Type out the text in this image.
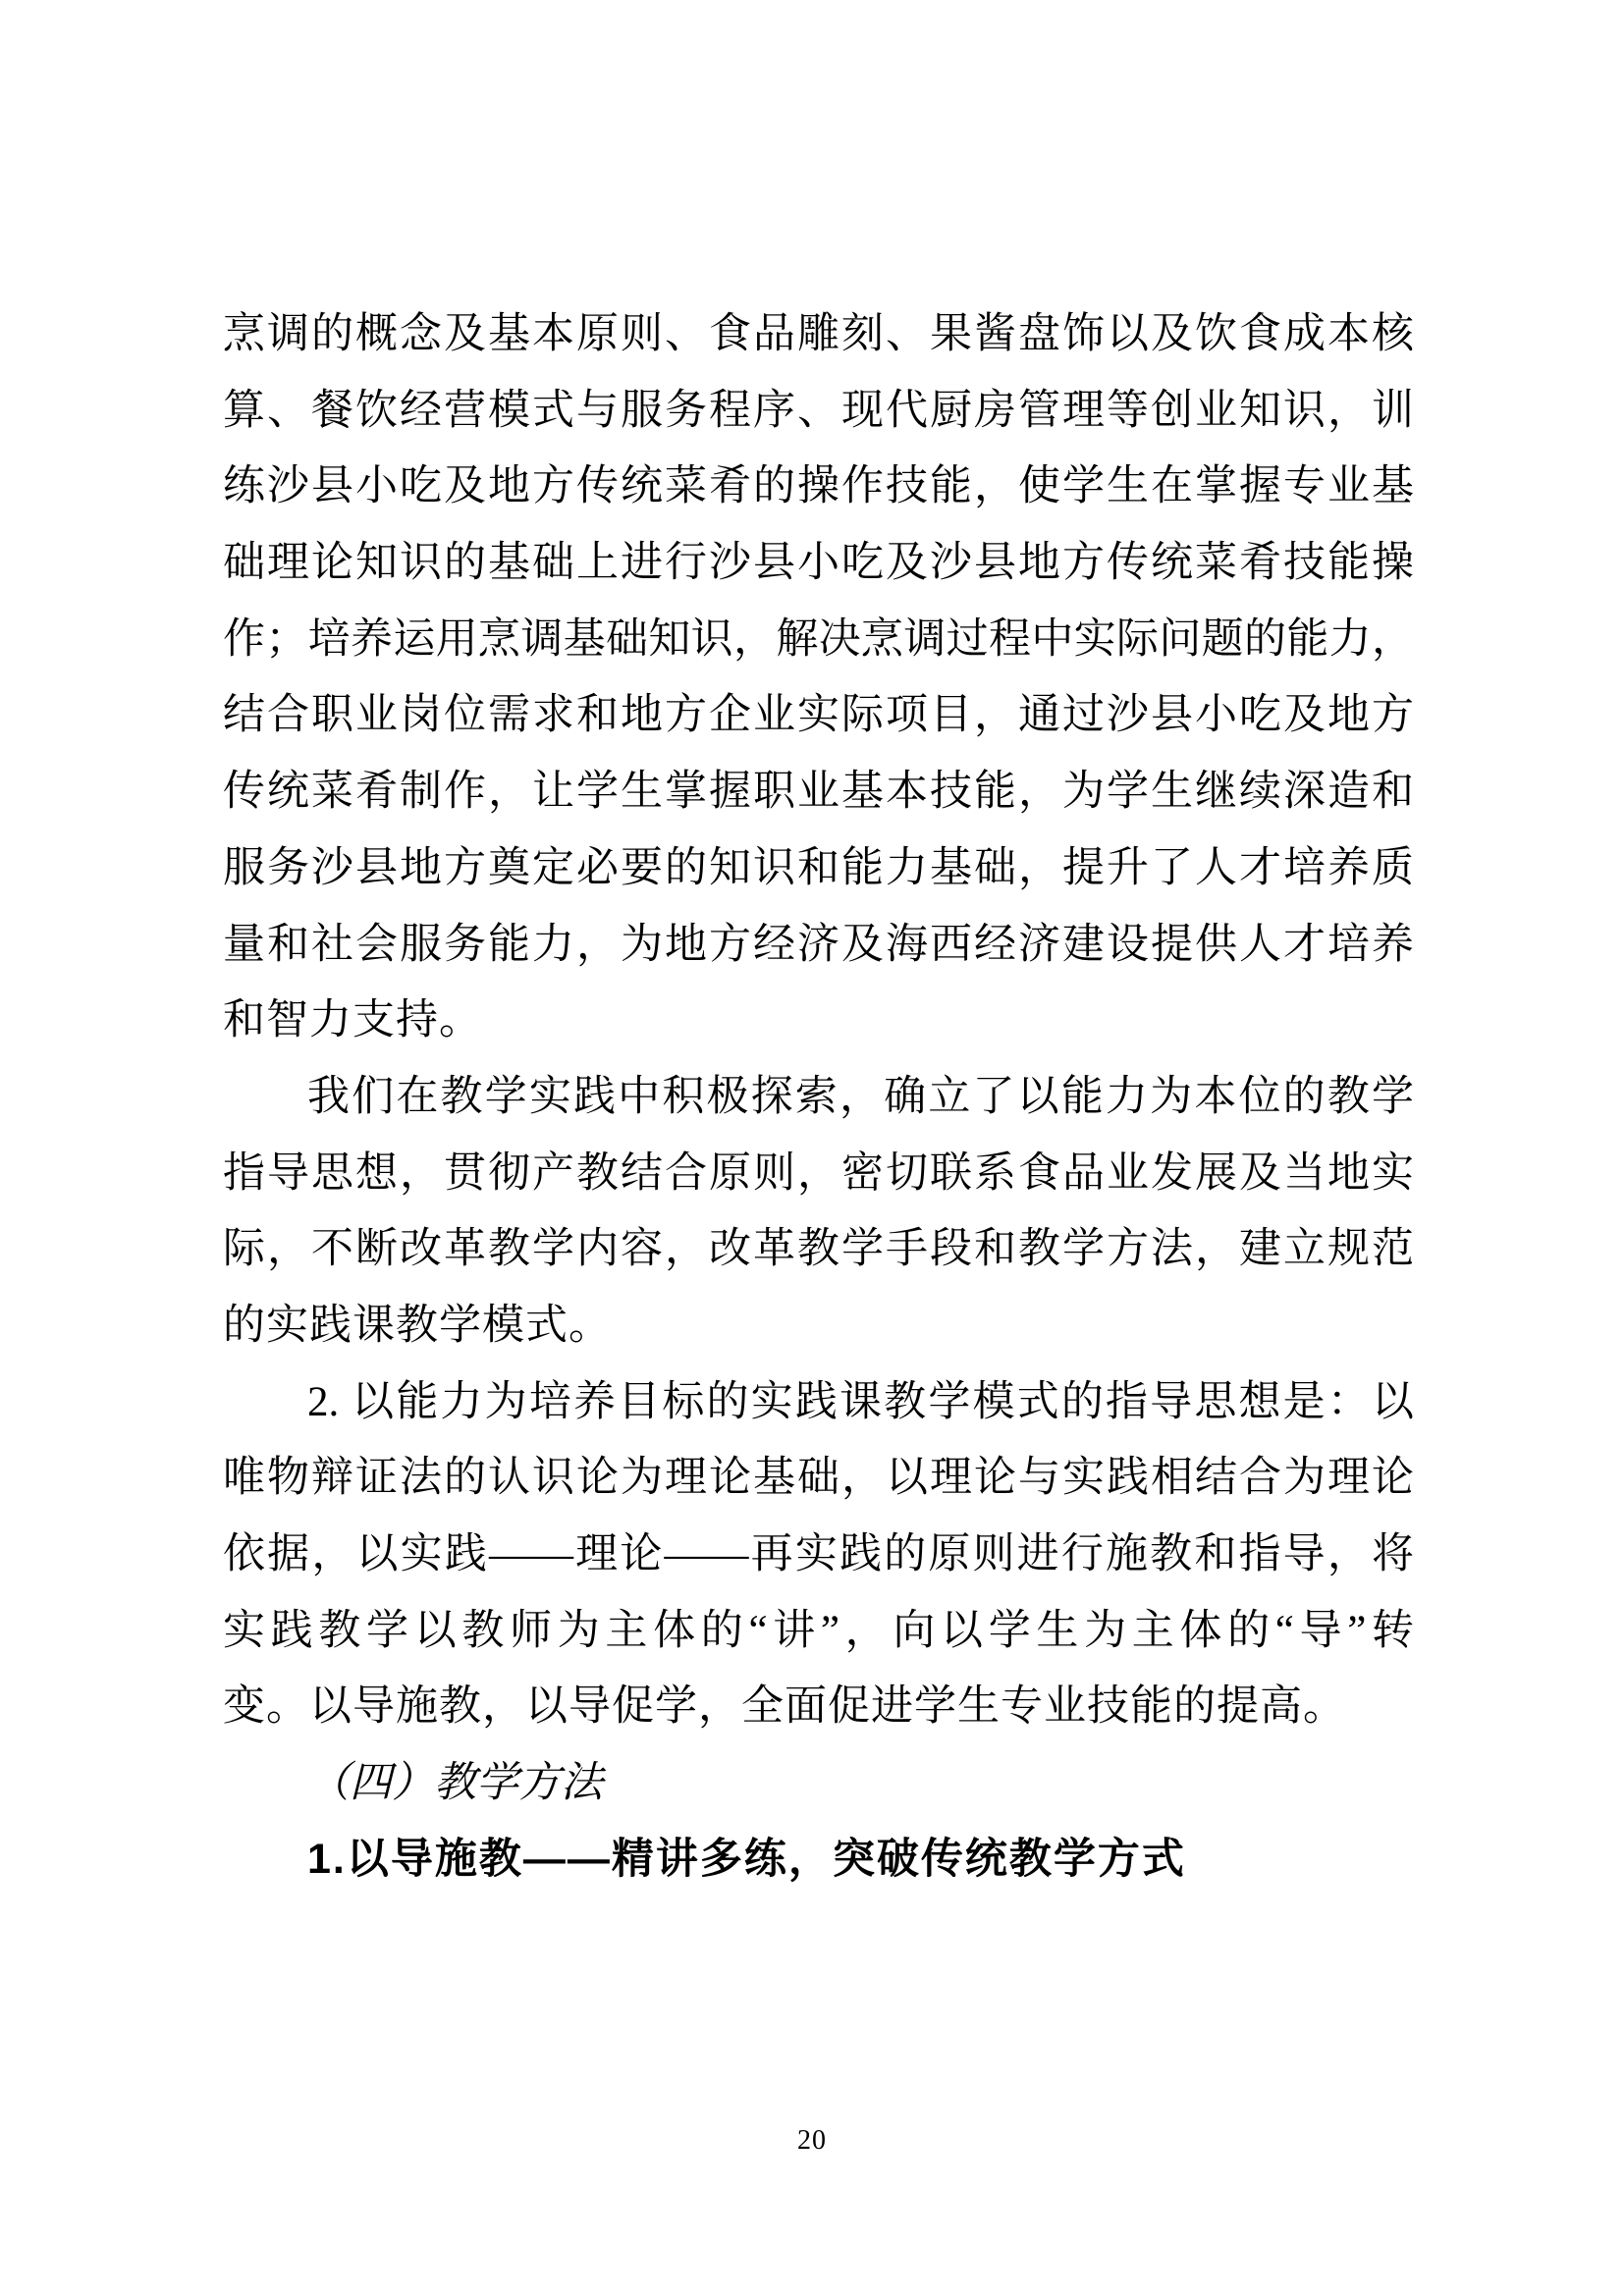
烹调的概念及基本原则、食品雕刻、果酱盘饰以及饮食成本核
算、餐饮经营模式与服务程序、现代厨房管理等创业知识，训
练沙县小吃及地方传统菜肴的操作技能，使学生在掌握专业基
础理论知识的基础上进行沙县小吃及沙县地方传统菜肴技能操
作；培养运用烹调基础知识，解决烹调过程中实际问题的能力，
结合职业岗位需求和地方企业实际项目，通过沙县小吃及地方
传统菜肴制作，让学生掌握职业基本技能，为学生继续深造和
服务沙县地方奠定必要的知识和能力基础，提升了人才培养质
量和社会服务能力，为地方经济及海西经济建设提供人才培养
和智力支持。
我们在教学实践中积极探索，确立了以能力为本位的教学
指导思想，贯彻产教结合原则，密切联系食品业发展及当地实
际，不断改革教学内容，改革教学手段和教学方法，建立规范
的实践课教学模式。
2. 以能力为培养目标的实践课教学模式的指导思想是：以
唯物辩证法的认识论为理论基础，以理论与实践相结合为理论
依据，以实践——理论——再实践的原则进行施教和指导，将
实践教学以教师为主体的“讲”，向以学生为主体的“导”转
变。以导施教，以导促学，全面促进学生专业技能的提高。
（四）教学方法
1.以导施教——精讲多练，突破传统教学方式
20
